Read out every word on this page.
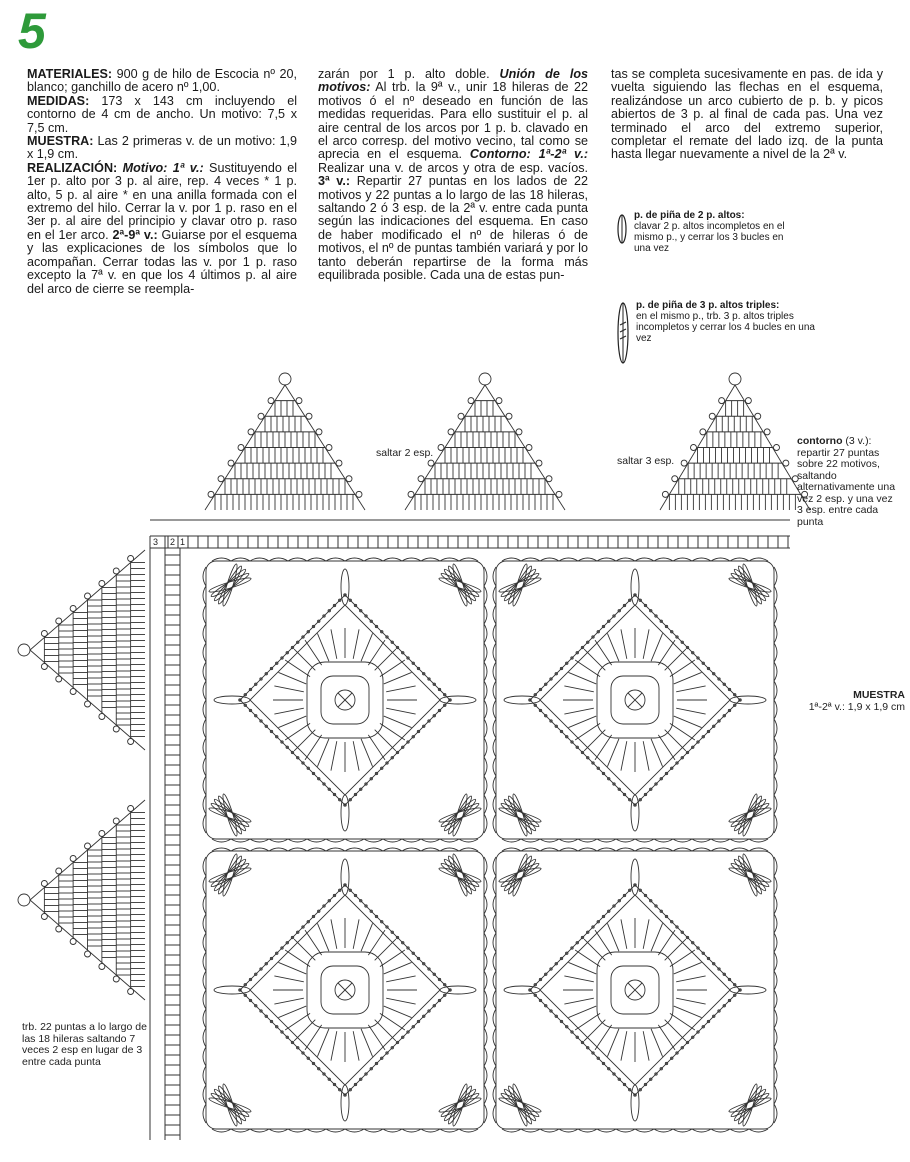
5

MATERIALES: 900 g de hilo de Escocia nº 20, blanco; ganchillo de acero nº 1,00.

MEDIDAS: 173 x 143 cm incluyendo el contorno de 4 cm de ancho. Un motivo: 7,5 x 7,5 cm.

MUESTRA: Las 2 primeras v. de un motivo: 1,9 x 1,9 cm.

REALIZACIÓN: Motivo: 1ª v.: Sustituyendo el 1er p. alto por 3 p. al aire, rep. 4 veces * 1 p. alto, 5 p. al aire * en una anilla formada con el extremo del hilo. Cerrar la v. por 1 p. raso en el 3er p. al aire del principio y clavar otro p. raso en el 1er arco. 2ª-9ª v.: Guiarse por el esquema y las explicaciones de los símbolos que lo acompañan. Cerrar todas las v. por 1 p. raso excepto la 7ª v. en que los 4 últimos p. al aire del arco de cierre se reempla-

zarán por 1 p. alto doble. Unión de los motivos: Al trb. la 9ª v., unir 18 hileras de 22 motivos ó el nº deseado en función de las medidas requeridas. Para ello sustituir el p. al aire central de los arcos por 1 p. b. clavado en el arco corresp. del motivo vecino, tal como se aprecia en el esquema. Contorno: 1ª-2ª v.: Realizar una v. de arcos y otra de esp. vacíos. 3ª v.: Repartir 27 puntas en los lados de 22 motivos y 22 puntas a lo largo de las 18 hileras, saltando 2 ó 3 esp. de la 2ª v. entre cada punta según las indicaciones del esquema. En caso de haber modificado el nº de hileras ó de motivos, el nº de puntas también variará y por lo tanto deberán repartirse de la forma más equilibrada posible. Cada una de estas pun-

tas se completa sucesivamente en pas. de ida y vuelta siguiendo las flechas en el esquema, realizándose un arco cubierto de p. b. y picos abiertos de 3 p. al final de cada pas. Una vez terminado el arco del extremo superior, completar el remate del lado izq. de la punta hasta llegar nuevamente a nivel de la 2ª v.

p. de piña de 2 p. altos:
clavar 2 p. altos incompletos en el mismo p., y cerrar los 3 bucles en una vez
p. de piña de 3 p. altos triples:
en el mismo p., trb. 3 p. altos triples incompletos y cerrar los 4 bucles en una vez
1
2
3
saltar 2 esp.
saltar 3 esp.
contorno (3 v.):
repartir 27 puntas sobre 22 motivos, saltando alternativamente una vez 2 esp. y una vez 3 esp. entre cada punta
MUESTRA
1ª-2ª v.: 1,9 x 1,9 cm
trb. 22 puntas a lo largo de las 18 hileras saltando 7 veces 2 esp en lugar de 3 entre cada punta
